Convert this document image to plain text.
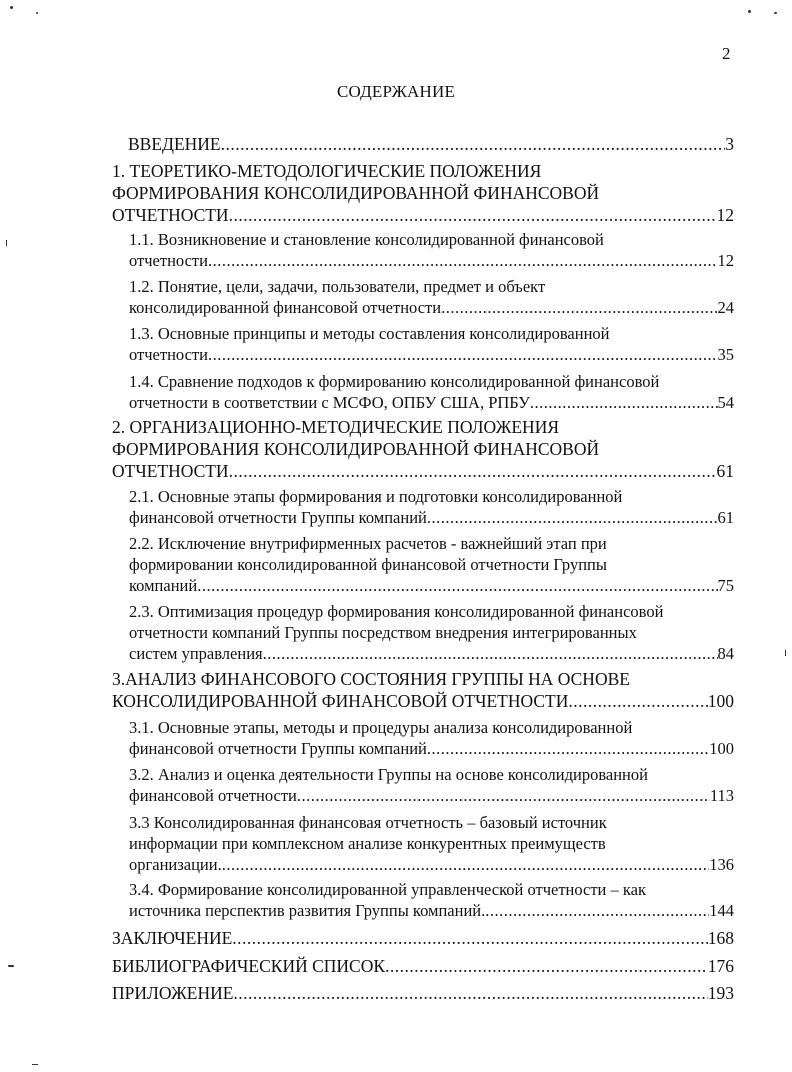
2
СОДЕРЖАНИЕ
ВВЕДЕНИЕ .....	3
1. ТЕОРЕТИКО-МЕТОДОЛОГИЧЕСКИЕ ПОЛОЖЕНИЯ
ФОРМИРОВАНИЯ КОНСОЛИДИРОВАННОЙ ФИНАНСОВОЙ
ОТЧЕТНОСТИ .....	12
1.1. Возникновение и становление консолидированной финансовой
отчетности .....	12
1.2. Понятие, цели, задачи, пользователи, предмет и объект
консолидированной финансовой отчетности .....	24
1.3. Основные принципы и методы составления консолидированной
отчетности .....	35
1.4. Сравнение подходов к формированию консолидированной финансовой
отчетности в соответствии с МСФО, ОПБУ США, РПБУ .....	54
2. ОРГАНИЗАЦИОННО-МЕТОДИЧЕСКИЕ ПОЛОЖЕНИЯ
ФОРМИРОВАНИЯ КОНСОЛИДИРОВАННОЙ ФИНАНСОВОЙ
ОТЧЕТНОСТИ .....	61
2.1. Основные этапы формирования и подготовки консолидированной
финансовой отчетности Группы компаний .....	61
2.2. Исключение внутрифирменных расчетов - важнейший этап при
формировании консолидированной финансовой отчетности Группы
компаний .....	75
2.3. Оптимизация процедур формирования консолидированной финансовой
отчетности компаний Группы посредством внедрения интегрированных
систем управления .....	84
3.АНАЛИЗ ФИНАНСОВОГО СОСТОЯНИЯ ГРУППЫ НА ОСНОВЕ
КОНСОЛИДИРОВАННОЙ ФИНАНСОВОЙ ОТЧЕТНОСТИ .....	100
3.1. Основные этапы, методы и процедуры анализа консолидированной
финансовой отчетности Группы компаний .....	100
3.2. Анализ и оценка деятельности Группы на основе консолидированной
финансовой отчетности .....	113
3.3 Консолидированная финансовая отчетность – базовый источник
информации при комплексном анализе конкурентных преимуществ
организации. .....	136
3.4. Формирование консолидированной управленческой отчетности – как
источника перспектив развития Группы компаний. .....	144
ЗАКЛЮЧЕНИЕ .....	168
БИБЛИОГРАФИЧЕСКИЙ СПИСОК .....	176
ПРИЛОЖЕНИЕ .....	193
